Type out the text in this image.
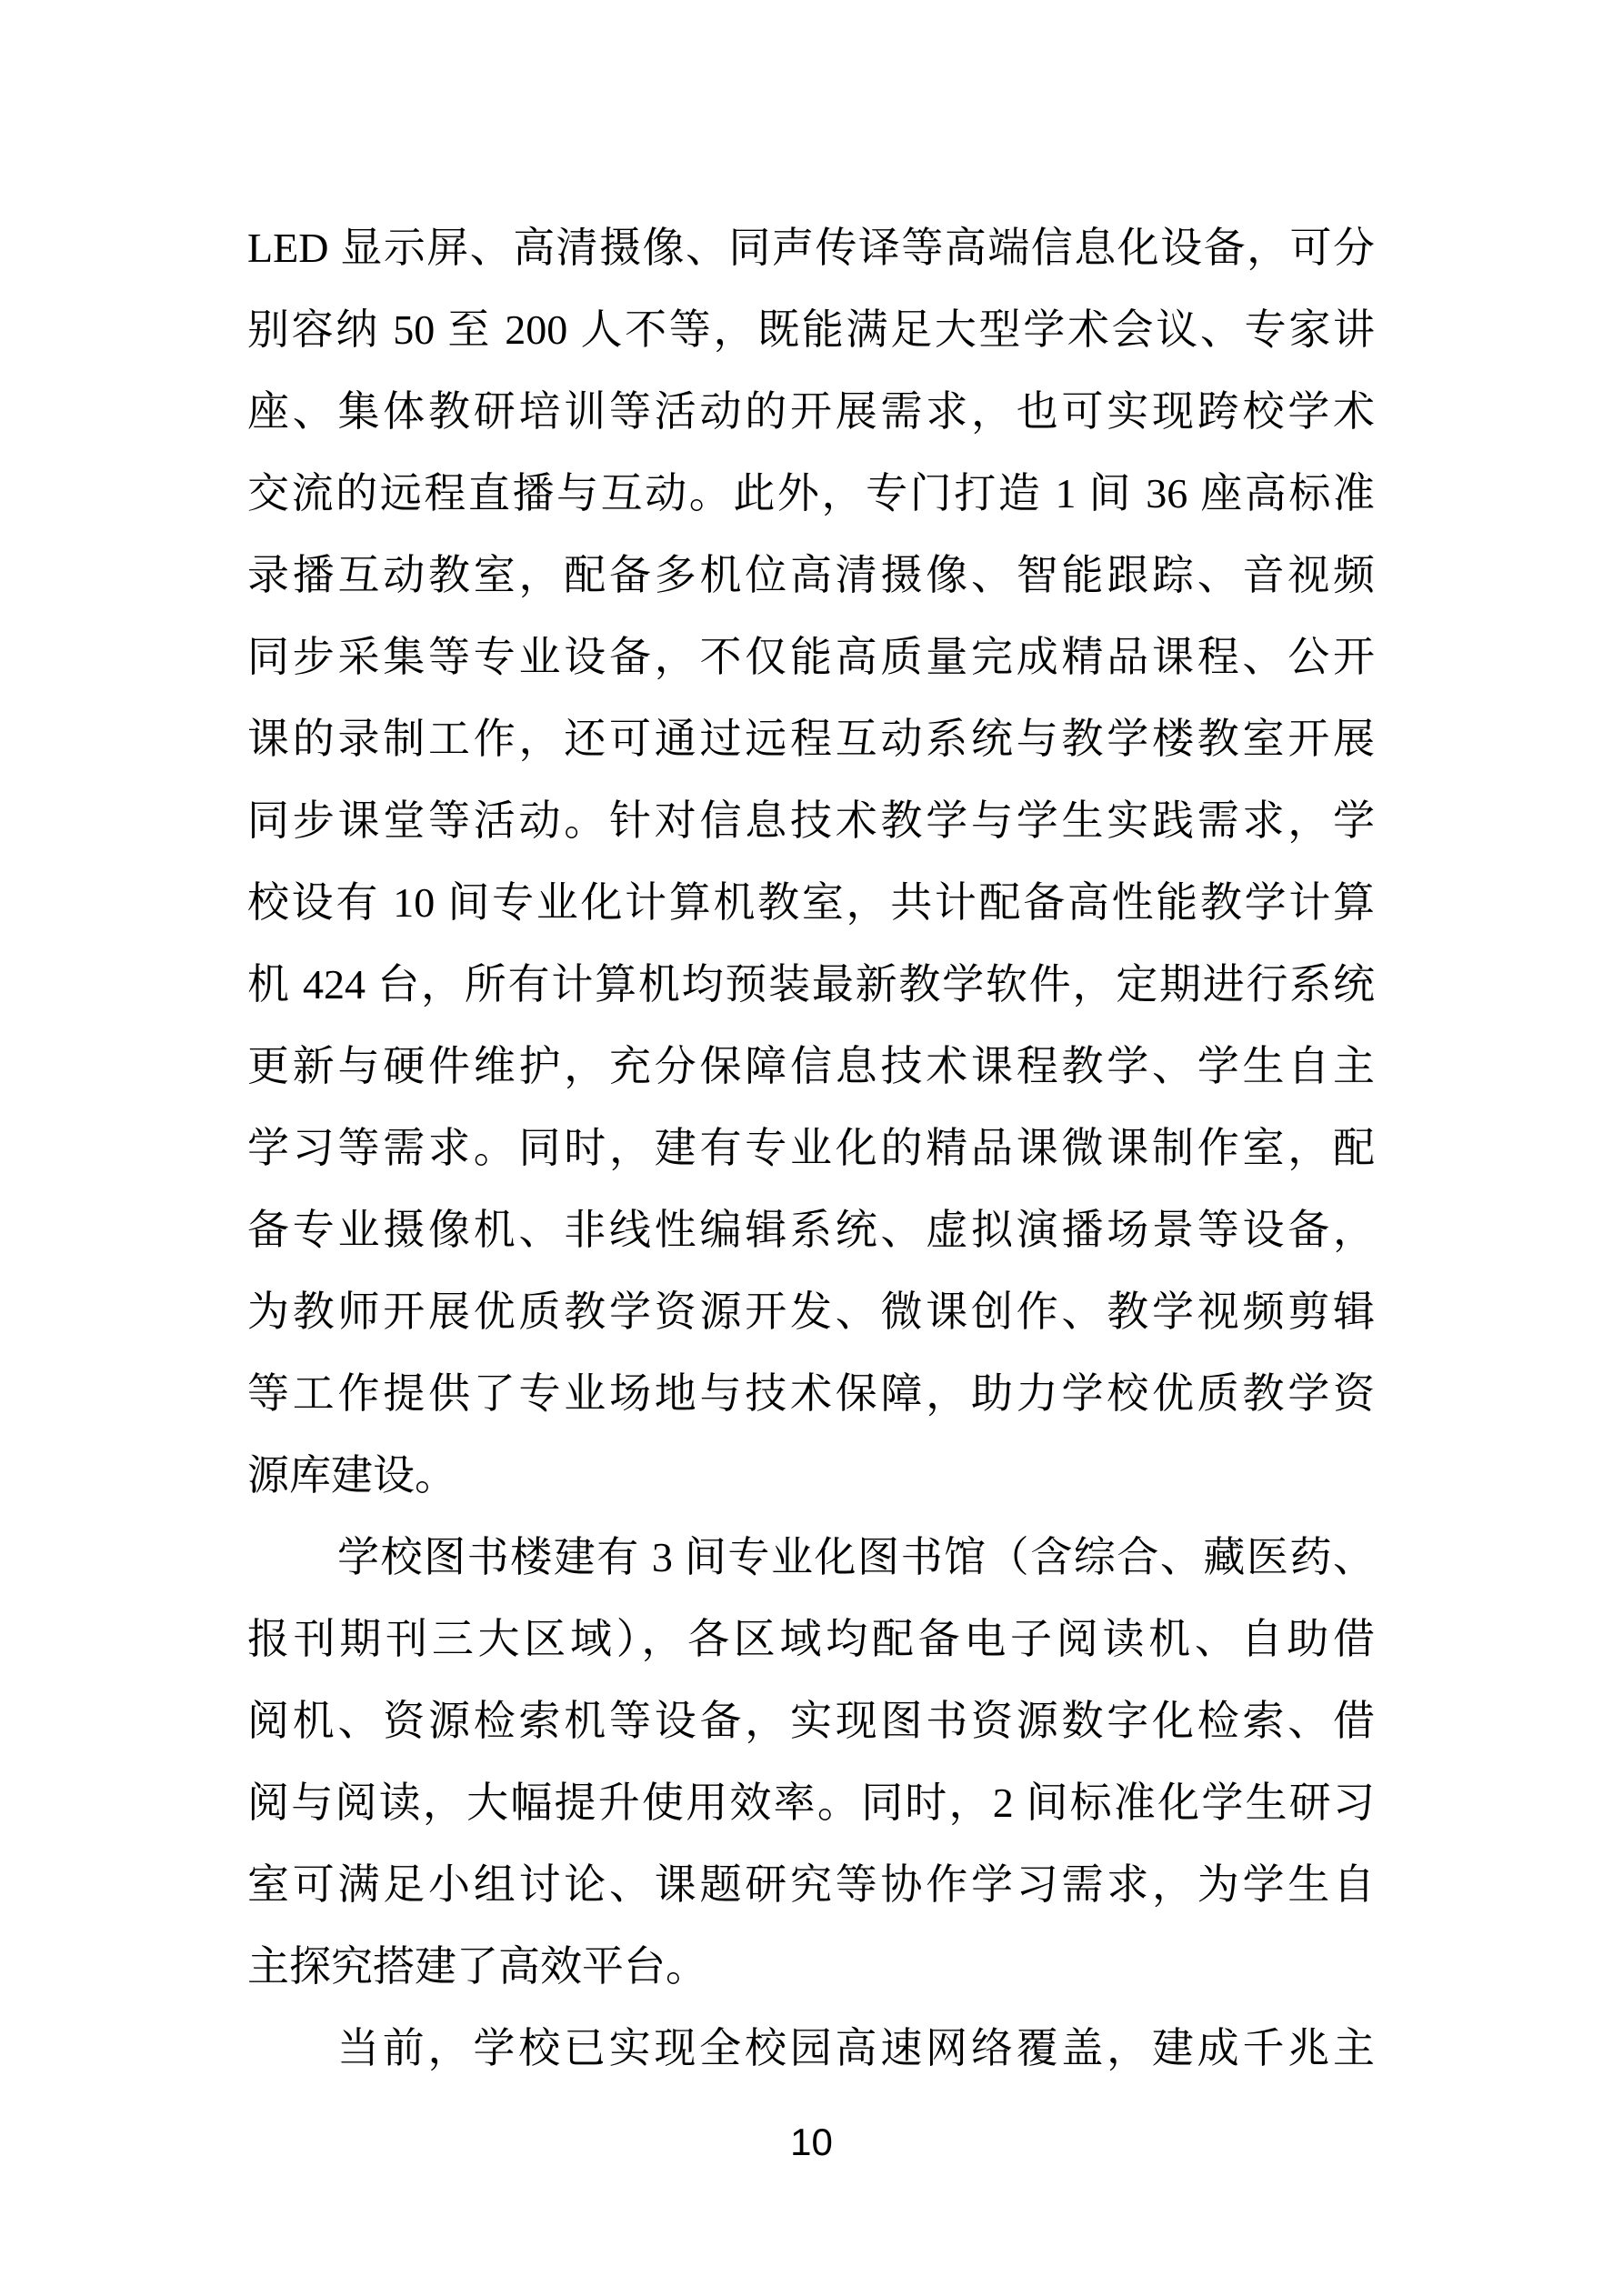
LED 显示屏、高清摄像、同声传译等高端信息化设备，可分
别容纳 50 至 200 人不等，既能满足大型学术会议、专家讲
座、集体教研培训等活动的开展需求，也可实现跨校学术
交流的远程直播与互动。此外，专门打造 1 间 36 座高标准
录播互动教室，配备多机位高清摄像、智能跟踪、音视频
同步采集等专业设备，不仅能高质量完成精品课程、公开
课的录制工作，还可通过远程互动系统与教学楼教室开展
同步课堂等活动。针对信息技术教学与学生实践需求，学
校设有 10 间专业化计算机教室，共计配备高性能教学计算
机 424 台，所有计算机均预装最新教学软件，定期进行系统
更新与硬件维护，充分保障信息技术课程教学、学生自主
学习等需求。同时，建有专业化的精品课微课制作室，配
备专业摄像机、非线性编辑系统、虚拟演播场景等设备，
为教师开展优质教学资源开发、微课创作、教学视频剪辑
等工作提供了专业场地与技术保障，助力学校优质教学资
源库建设。
学校图书楼建有 3 间专业化图书馆（含综合、藏医药、
报刊期刊三大区域），各区域均配备电子阅读机、自助借
阅机、资源检索机等设备，实现图书资源数字化检索、借
阅与阅读，大幅提升使用效率。同时，2 间标准化学生研习
室可满足小组讨论、课题研究等协作学习需求，为学生自
主探究搭建了高效平台。
当前，学校已实现全校园高速网络覆盖，建成千兆主
10
